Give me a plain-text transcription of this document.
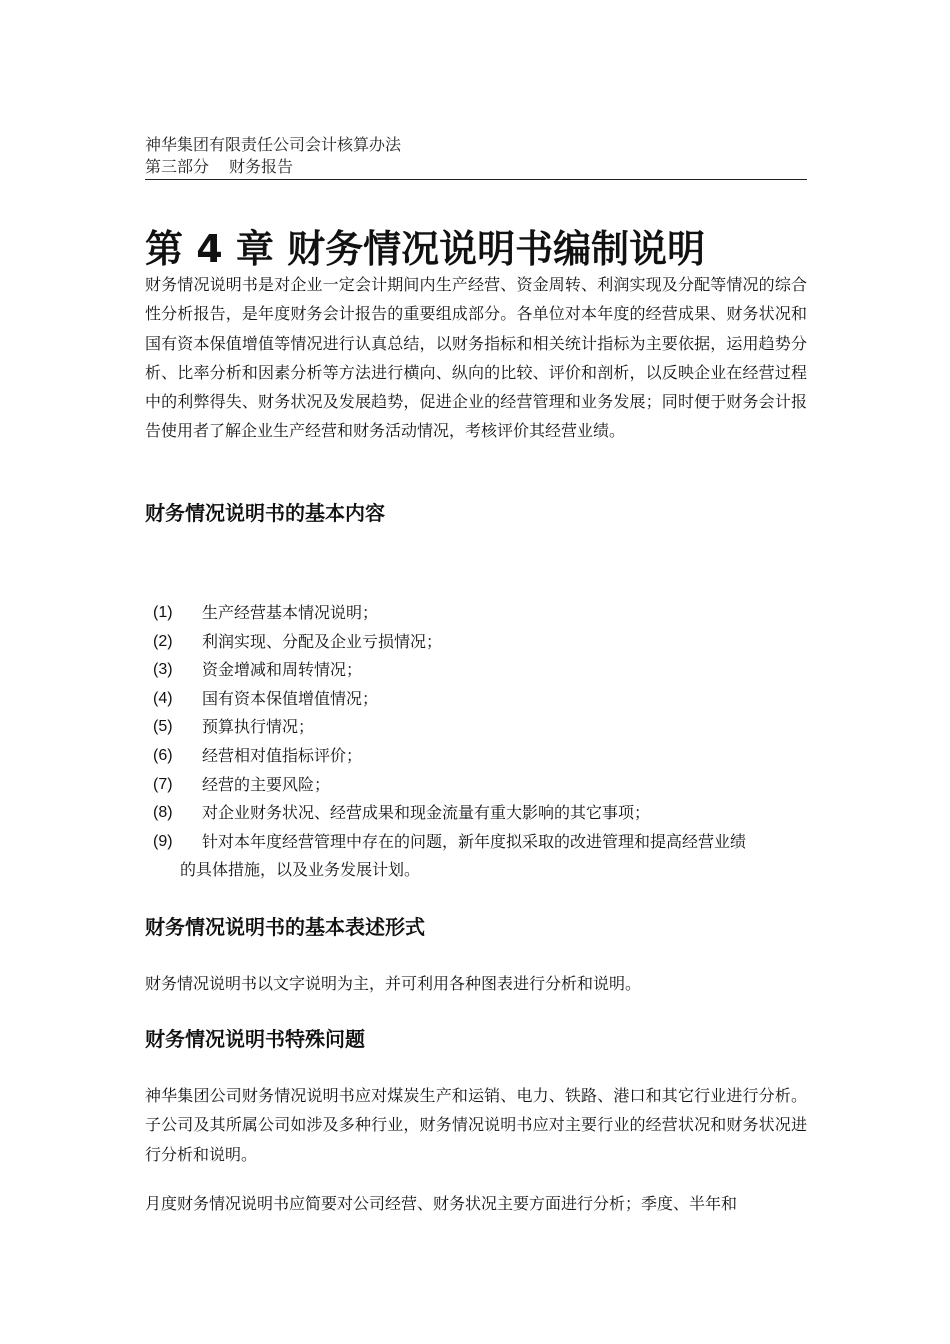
神华集团有限责任公司会计核算办法
第三部分 财务报告
第 4 章 财务情况说明书编制说明

财务情况说明书是对企业一定会计期间内生产经营、资金周转、利润实现及分配等情况的综合性分析报告，是年度财务会计报告的重要组成部分。各单位对本年度的经营成果、财务状况和国有资本保值增值等情况进行认真总结，以财务指标和相关统计指标为主要依据，运用趋势分析、比率分析和因素分析等方法进行横向、纵向的比较、评价和剖析，以反映企业在经营过程中的利弊得失、财务状况及发展趋势，促进企业的经营管理和业务发展；同时便于财务会计报告使用者了解企业生产经营和财务活动情况，考核评价其经营业绩。

财务情况说明书的基本内容
(1) 生产经营基本情况说明；
(2) 利润实现、分配及企业亏损情况；
(3) 资金增减和周转情况；
(4) 国有资本保值增值情况；
(5) 预算执行情况；
(6) 经营相对值指标评价；
(7) 经营的主要风险；
(8) 对企业财务状况、经营成果和现金流量有重大影响的其它事项；
(9) 针对本年度经营管理中存在的问题，新年度拟采取的改进管理和提高经营业绩
的具体措施，以及业务发展计划。
财务情况说明书的基本表述形式

财务情况说明书以文字说明为主，并可利用各种图表进行分析和说明。

财务情况说明书特殊问题

神华集团公司财务情况说明书应对煤炭生产和运销、电力、铁路、港口和其它行业进行分析。子公司及其所属公司如涉及多种行业，财务情况说明书应对主要行业的经营状况和财务状况进行分析和说明。

月度财务情况说明书应简要对公司经营、财务状况主要方面进行分析；季度、半年和
